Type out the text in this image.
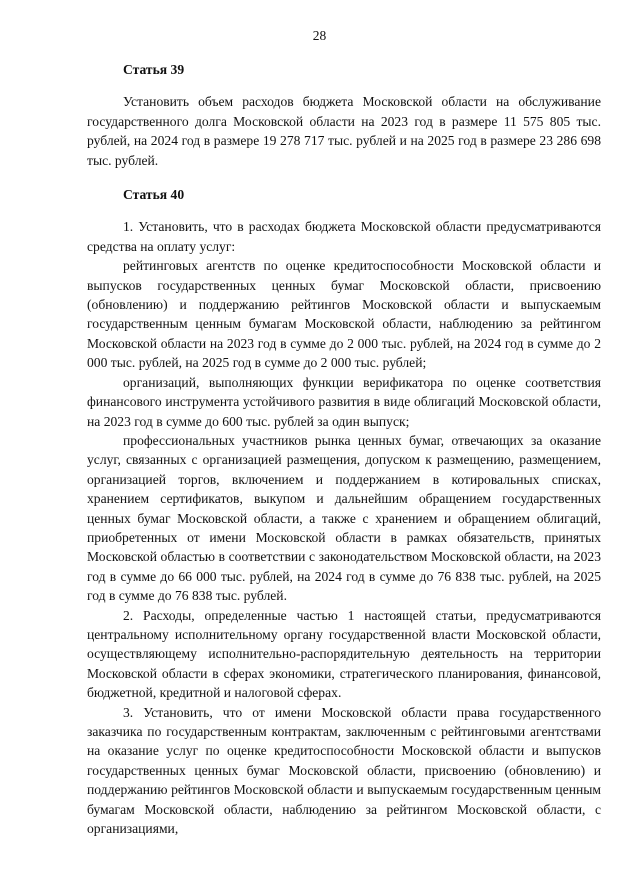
28

Статья 39

Установить объем расходов бюджета Московской области на обслуживание государственного долга Московской области на 2023 год в размере 11 575 805 тыс. рублей, на 2024 год в размере 19 278 717 тыс. рублей и на 2025 год в размере 23 286 698 тыс. рублей.

Статья 40

1. Установить, что в расходах бюджета Московской области предусматриваются средства на оплату услуг:

рейтинговых агентств по оценке кредитоспособности Московской области и выпусков государственных ценных бумаг Московской области, присвоению (обновлению) и поддержанию рейтингов Московской области и выпускаемым государственным ценным бумагам Московской области, наблюдению за рейтингом Московской области на 2023 год в сумме до 2 000 тыс. рублей, на 2024 год в сумме до 2 000 тыс. рублей, на 2025 год в сумме до 2 000 тыс. рублей;

организаций, выполняющих функции верификатора по оценке соответствия финансового инструмента устойчивого развития в виде облигаций Московской области, на 2023 год в сумме до 600 тыс. рублей за один выпуск;

профессиональных участников рынка ценных бумаг, отвечающих за оказание услуг, связанных с организацией размещения, допуском к размещению, размещением, организацией торгов, включением и поддержанием в котировальных списках, хранением сертификатов, выкупом и дальнейшим обращением государственных ценных бумаг Московской области, а также с хранением и обращением облигаций, приобретенных от имени Московской области в рамках обязательств, принятых Московской областью в соответствии с законодательством Московской области, на 2023 год в сумме до 66 000 тыс. рублей, на 2024 год в сумме до 76 838 тыс. рублей, на 2025 год в сумме до 76 838 тыс. рублей.

2. Расходы, определенные частью 1 настоящей статьи, предусматриваются центральному исполнительному органу государственной власти Московской области, осуществляющему исполнительно-распорядительную деятельность на территории Московской области в сферах экономики, стратегического планирования, финансовой, бюджетной, кредитной и налоговой сферах.

3. Установить, что от имени Московской области права государственного заказчика по государственным контрактам, заключенным с рейтинговыми агентствами на оказание услуг по оценке кредитоспособности Московской области и выпусков государственных ценных бумаг Московской области, присвоению (обновлению) и поддержанию рейтингов Московской области и выпускаемым государственным ценным бумагам Московской области, наблюдению за рейтингом Московской области, с организациями,
